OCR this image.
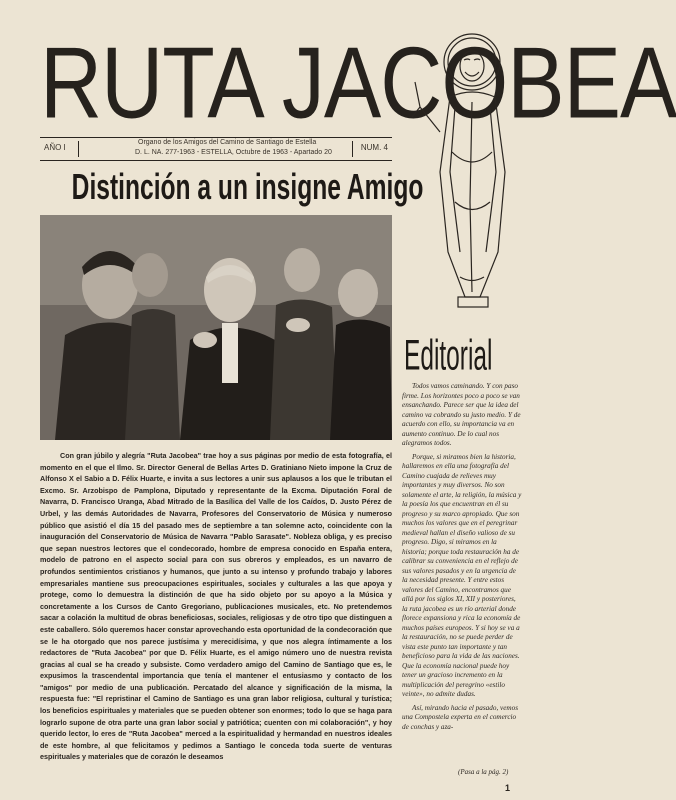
RUTA JACOBEA
AÑO I
Organo de los Amigos del Camino de Santiago de Estella
D. L. NA. 277-1963 - ESTELLA, Octubre de 1963 - Apartado 20
NUM. 4
Distinción a un insigne Amigo

Con gran júbilo y alegría "Ruta Jacobea" trae hoy a sus páginas por medio de esta fotografía, el momento en el que el Ilmo. Sr. Director General de Bellas Artes D. Gratiniano Nieto impone la Cruz de Alfonso X el Sabio a D. Félix Huarte, e invita a sus lectores a unir sus aplausos a los que le tributan el Excmo. Sr. Arzobispo de Pamplona, Diputado y representante de la Excma. Diputación Foral de Navarra, D. Francisco Uranga, Abad Mitrado de la Basílica del Valle de los Caídos, D. Justo Pérez de Urbel, y las demás Autoridades de Navarra, Profesores del Conservatorio de Música y numeroso público que asistió el día 15 del pasado mes de septiembre a tan solemne acto, coincidente con la inauguración del Conservatorio de Música de Navarra "Pablo Sarasate". Nobleza obliga, y es preciso que sepan nuestros lectores que el condecorado, hombre de empresa conocido en España entera, modelo de patrono en el aspecto social para con sus obreros y empleados, es un navarro de profundos sentimientos cristianos y humanos, que junto a su intenso y profundo trabajo y labores empresariales mantiene sus preocupaciones espirituales, sociales y culturales a las que apoya y protege, como lo demuestra la distinción de que ha sido objeto por su apoyo a la Música y concretamente a los Cursos de Canto Gregoriano, publicaciones musicales, etc. No pretendemos sacar a colación la multitud de obras beneficiosas, sociales, religiosas y de otro tipo que distinguen a este caballero. Sólo queremos hacer constar aprovechando esta oportunidad de la condecoración que se le ha otorgado que nos parece justísima y merecidísima, y que nos alegra íntimamente a los redactores de "Ruta Jacobea" por que D. Félix Huarte, es el amigo número uno de nuestra revista gracias al cual se ha creado y subsiste. Como verdadero amigo del Camino de Santiago que es, le expusimos la trascendental importancia que tenía el mantener el entusiasmo y contacto de los "amigos" por medio de una publicación. Percatado del alcance y significación de la misma, la respuesta fue: "El repristinar el Camino de Santiago es una gran labor religiosa, cultural y turística; los beneficios espirituales y materiales que se pueden obtener son enormes; todo lo que se haga para lograrlo supone de otra parte una gran labor social y patriótica; cuenten con mi colaboración", y hoy querido lector, lo eres de "Ruta Jacobea" merced a la espiritualidad y hermandad en nuestros ideales de este hombre, al que felicitamos y pedimos a Santiago le conceda toda suerte de venturas espirituales y materiales que de corazón le deseamos

Editorial

Todos vamos caminando. Y con paso firme. Los horizontes poco a poco se van ensanchando. Parece ser que la idea del camino va cobrando su justo medio. Y de acuerdo con ello, su importancia va en aumento continuo. De lo cual nos alegramos todos.

Porque, si miramos bien la historia, hallaremos en ella una fotografía del Camino cuajada de relieves muy importantes y muy diversos. No son solamente el arte, la religión, la música y la poesía los que encuentran en él su progreso y su marco apropiado. Que son muchos los valores que en el peregrinar medieval hallan el diseño valioso de su progreso. Digo, si miramos en la historia; porque toda restauración ha de calibrar su conveniencia en el reflejo de sus valores pasados y en la urgencia de la necesidad presente. Y entre estos valores del Camino, encontramos que allá por los siglos XI, XII y posteriores, la ruta jacobea es un río arterial donde florece expansiona y rica la economía de muchos países europeos. Y si hoy se va a la restauración, no se puede perder de vista este punto tan importante y tan beneficioso para la vida de las naciones. Que la economía nacional puede hoy tener un gracioso incremento en la multiplicación del peregrino «estilo veinte», no admite dudas.

Así, mirando hacia el pasado, vemos una Compostela experta en el comercio de conchas y aza-

(Pasa a la pág. 2)
1
